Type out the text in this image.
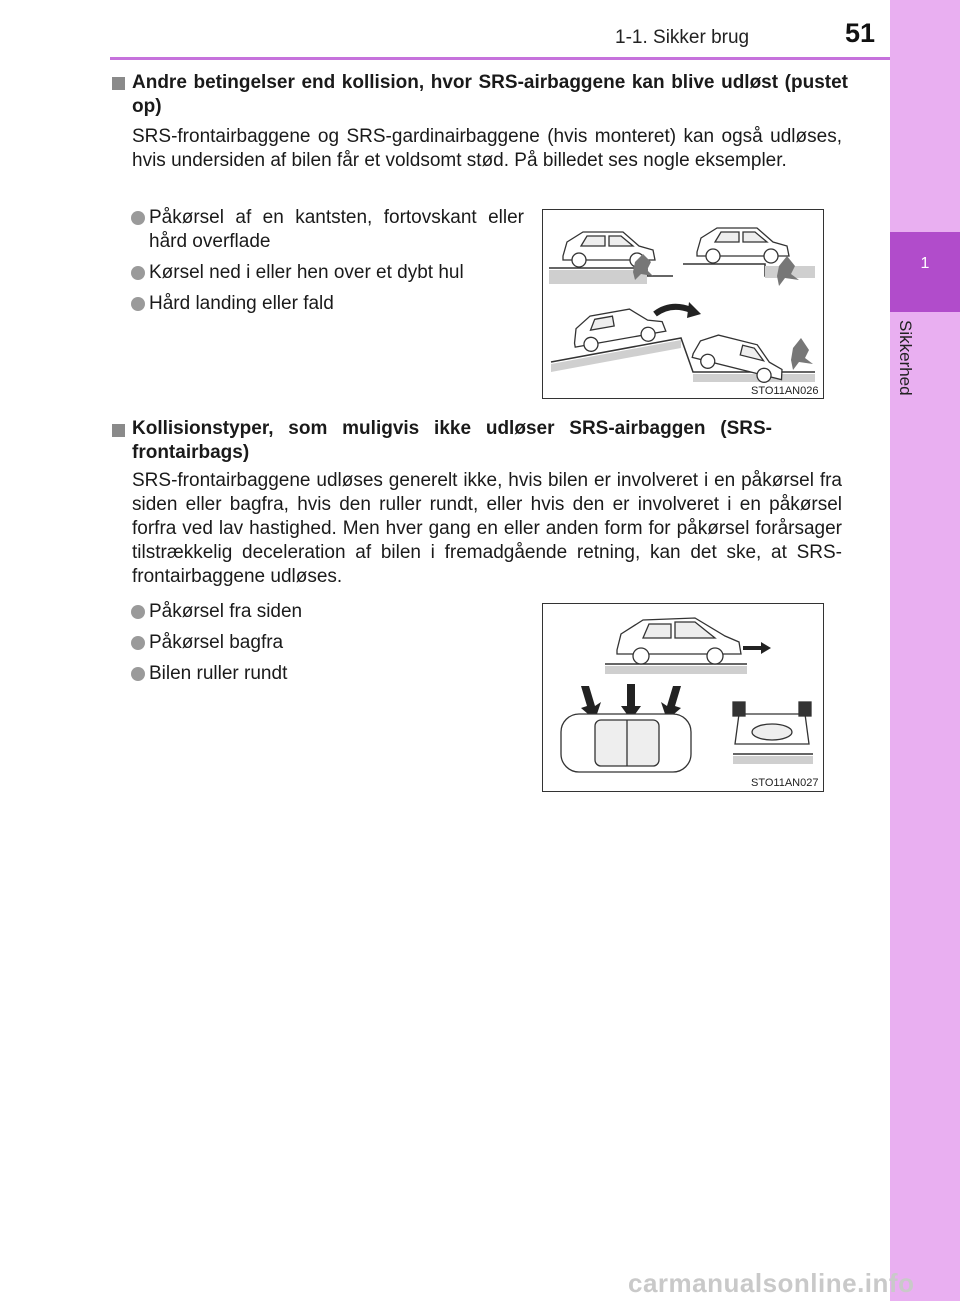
1
Sikkerhed
1-1. Sikker brug	51
Andre betingelser end kollision, hvor SRS-airbaggene kan blive udløst (pustet op)
SRS-frontairbaggene og SRS-gardinairbaggene (hvis monteret) kan også udløses, hvis undersiden af bilen får et voldsomt stød. På billedet ses nogle eksempler.
Påkørsel af en kantsten, fortovskant eller hård overflade
Kørsel ned i eller hen over et dybt hul
Hård landing eller fald
STO11AN026
Kollisionstyper, som muligvis ikke udløser SRS-airbaggen (SRS-frontairbags)
SRS-frontairbaggene udløses generelt ikke, hvis bilen er involveret i en påkørsel fra siden eller bagfra, hvis den ruller rundt, eller hvis den er involveret i en påkørsel forfra ved lav hastighed. Men hver gang en eller anden form for påkørsel forårsager tilstrækkelig deceleration af bilen i fremadgående retning, kan det ske, at SRS-frontairbaggene udløses.
Påkørsel fra siden
Påkørsel bagfra
Bilen ruller rundt
STO11AN027
carmanualsonline.info
